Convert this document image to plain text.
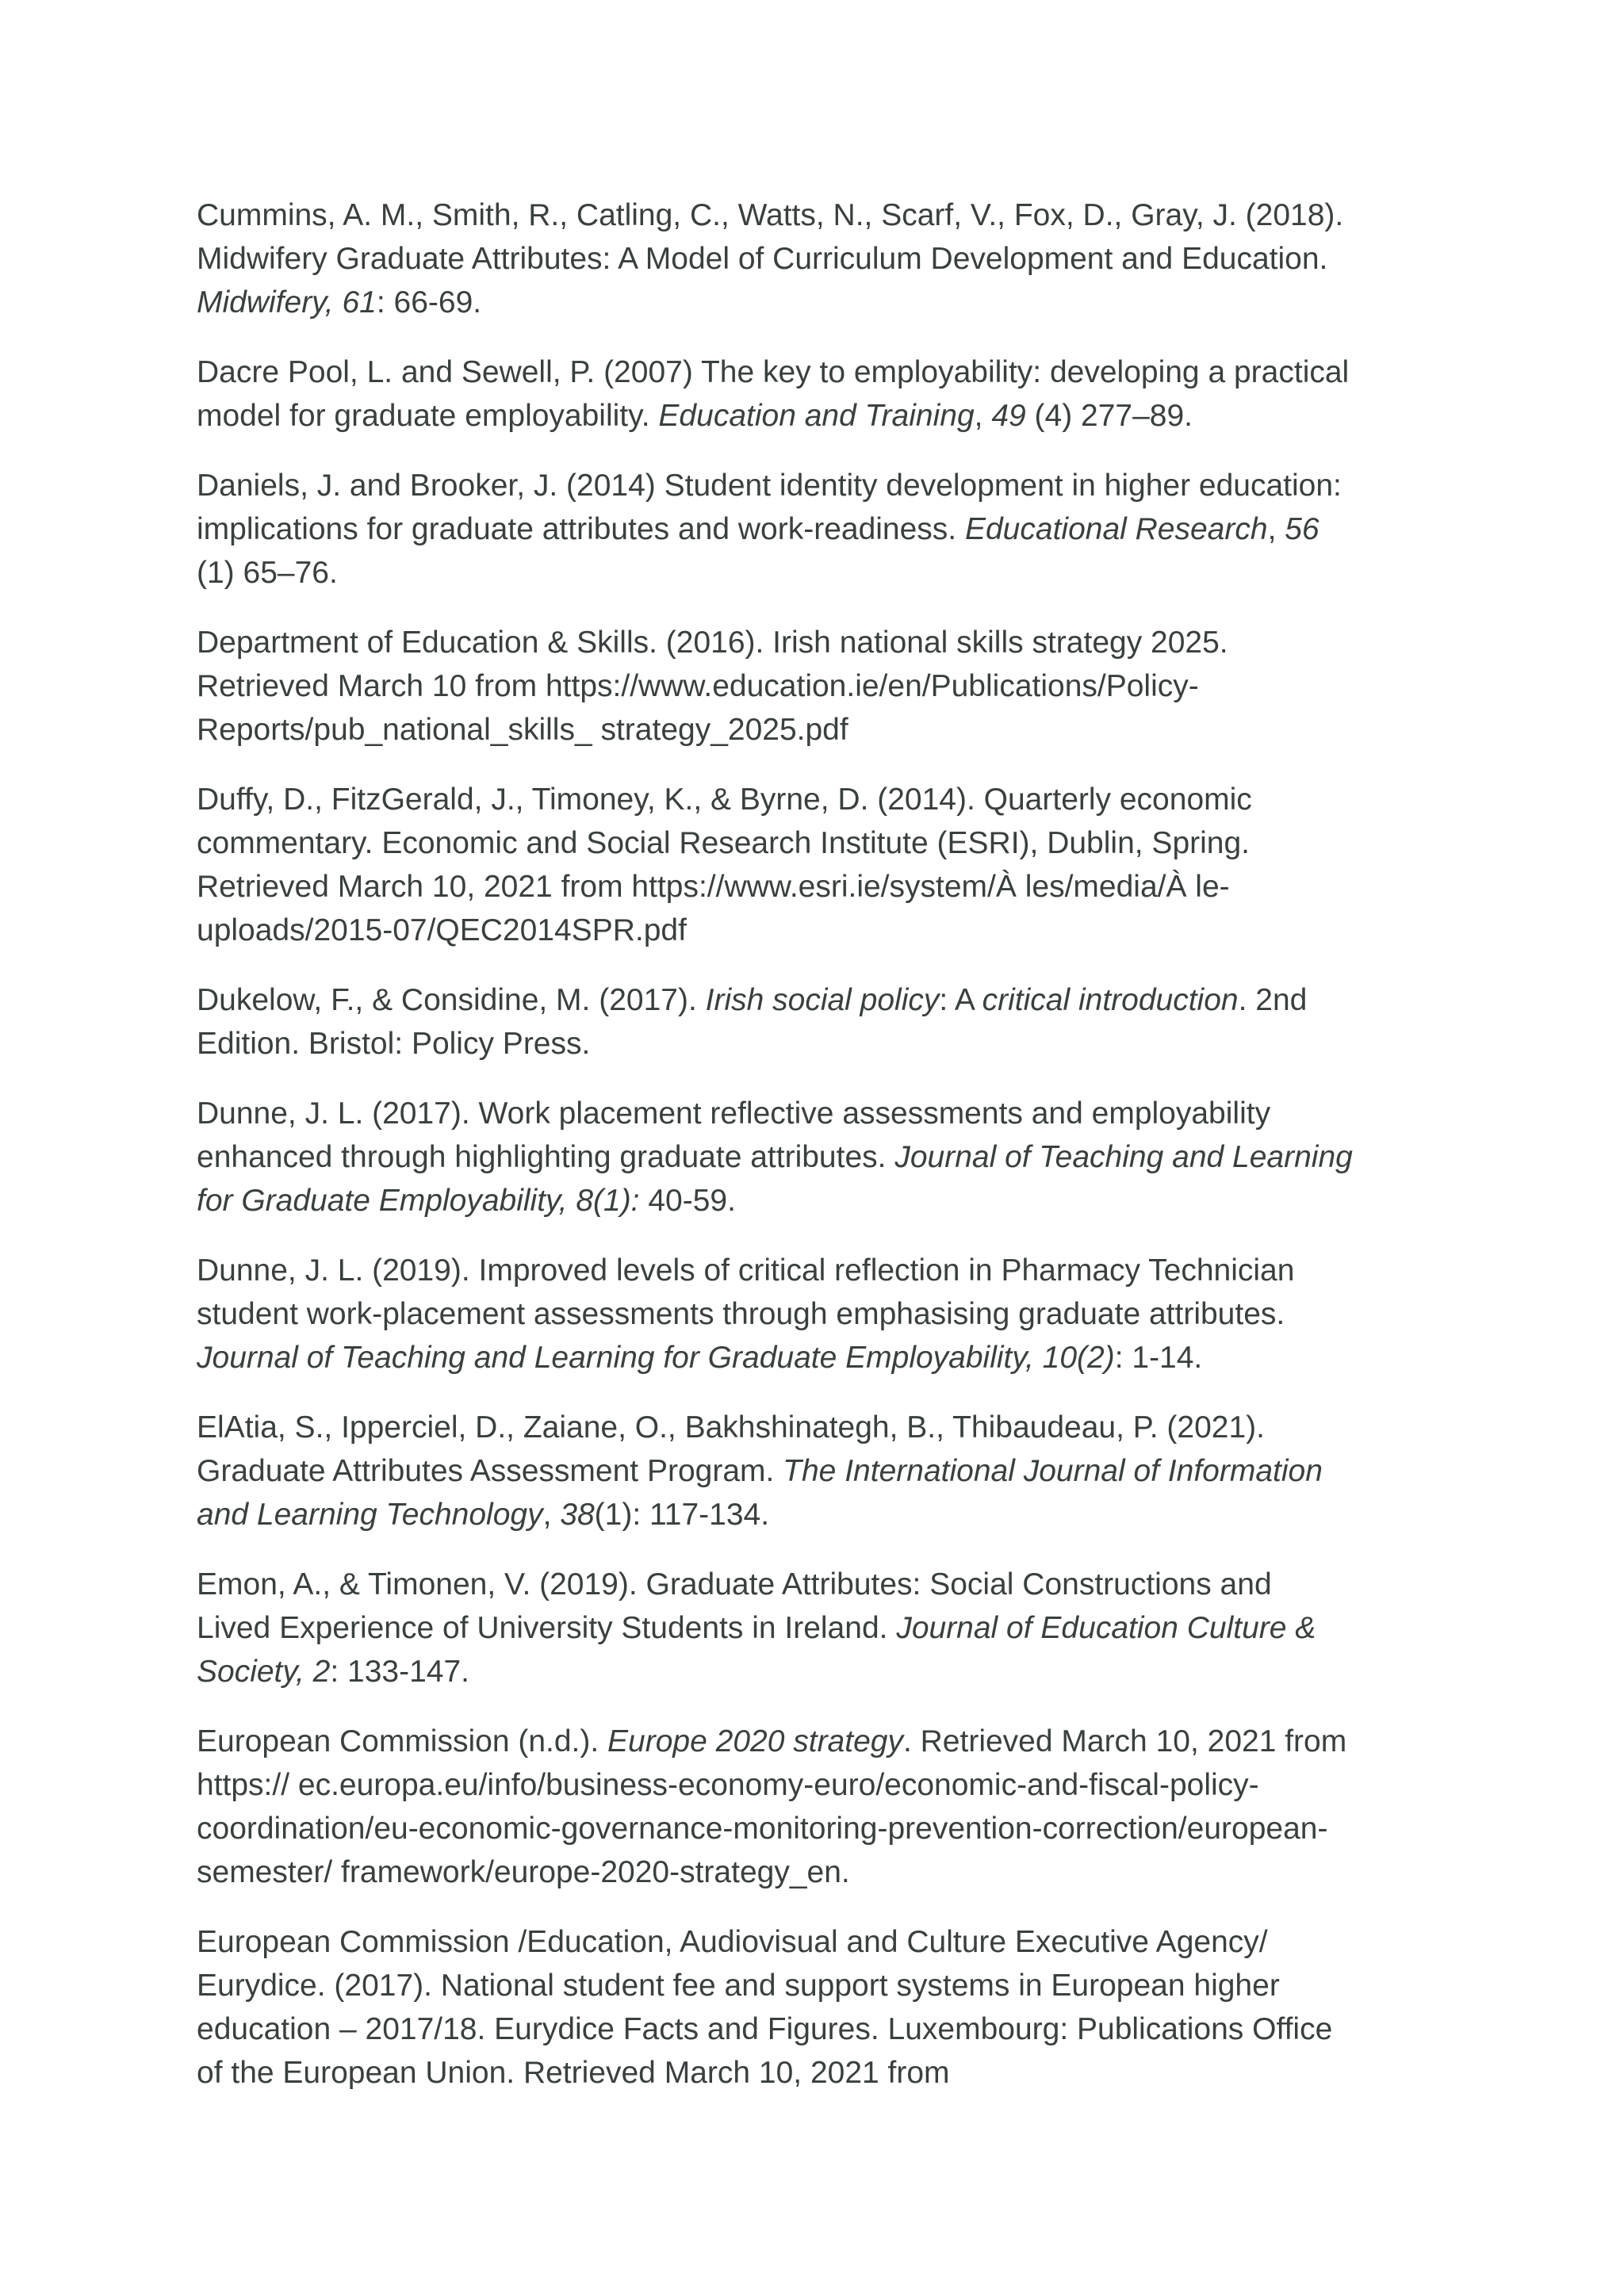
Cummins, A. M., Smith, R., Catling, C., Watts, N., Scarf, V., Fox, D., Gray, J. (2018).
Midwifery Graduate Attributes: A Model of Curriculum Development and Education.
Midwifery, 61: 66-69.

Dacre Pool, L. and Sewell, P. (2007) The key to employability: developing a practical
model for graduate employability. Education and Training, 49 (4) 277–89.

Daniels, J. and Brooker, J. (2014) Student identity development in higher education:
implications for graduate attributes and work-readiness. Educational Research, 56
(1) 65–76.

Department of Education & Skills. (2016). Irish national skills strategy 2025.
Retrieved March 10 from https://www.education.ie/en/Publications/Policy-
Reports/pub_national_skills_ strategy_2025.pdf

Duffy, D., FitzGerald, J., Timoney, K., & Byrne, D. (2014). Quarterly economic
commentary. Economic and Social Research Institute (ESRI), Dublin, Spring.
Retrieved March 10, 2021 from https://www.esri.ie/system/À les/media/À le-
uploads/2015-07/QEC2014SPR.pdf

Dukelow, F., & Considine, M. (2017). Irish social policy: A critical introduction. 2nd
Edition. Bristol: Policy Press.

Dunne, J. L. (2017). Work placement reflective assessments and employability
enhanced through highlighting graduate attributes. Journal of Teaching and Learning
for Graduate Employability, 8(1): 40-59.

Dunne, J. L. (2019). Improved levels of critical reflection in Pharmacy Technician
student work-placement assessments through emphasising graduate attributes.
Journal of Teaching and Learning for Graduate Employability, 10(2): 1-14.

ElAtia, S., Ipperciel, D., Zaiane, O., Bakhshinategh, B., Thibaudeau, P. (2021).
Graduate Attributes Assessment Program. The International Journal of Information
and Learning Technology, 38(1): 117-134.

Emon, A., & Timonen, V. (2019). Graduate Attributes: Social Constructions and
Lived Experience of University Students in Ireland. Journal of Education Culture &
Society, 2: 133-147.

European Commission (n.d.). Europe 2020 strategy. Retrieved March 10, 2021 from
https:// ec.europa.eu/info/business-economy-euro/economic-and-fiscal-policy-
coordination/eu-economic-governance-monitoring-prevention-correction/european-
semester/ framework/europe-2020-strategy_en.

European Commission /Education, Audiovisual and Culture Executive Agency/
Eurydice. (2017). National student fee and support systems in European higher
education – 2017/18. Eurydice Facts and Figures. Luxembourg: Publications Office
of the European Union. Retrieved March 10, 2021 from
